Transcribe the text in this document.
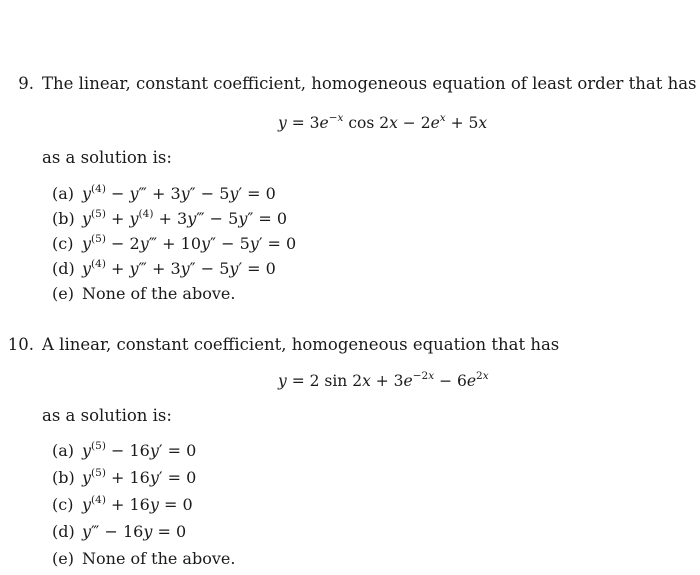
9. The linear, constant coefficient, homogeneous equation of least order that has
$y = 3e^{-x}$ $\cos 2x - 2e^x + 5x$
as a solution is:
(a) $y^{(4)}$ − y‴ + 3y″ − 5y′ = 0
(b) $y^{(5)} + y^{(4)}$ + 3y‴ − 5y″ = 0
(c) $y^{(5)}$ − 2y‴ + 10y″ − 5y′ = 0
(d) $y^{(4)}$ + y‴ + 3y″ − 5y′ = 0
(e) None of the above.
10. A linear, constant coefficient, homogeneous equation that has
y = 2 $\sin 2x + 3e^{-2x} - 6e^{2x}$
as a solution is:
(a) $y^{(5)} - 16y' = 0$
(b) $y^{(5)} + 16y' = 0$
(c) $y^{(4)} + 16y = 0$
(d) y‴ − 16y = 0
(e) None of the above.
